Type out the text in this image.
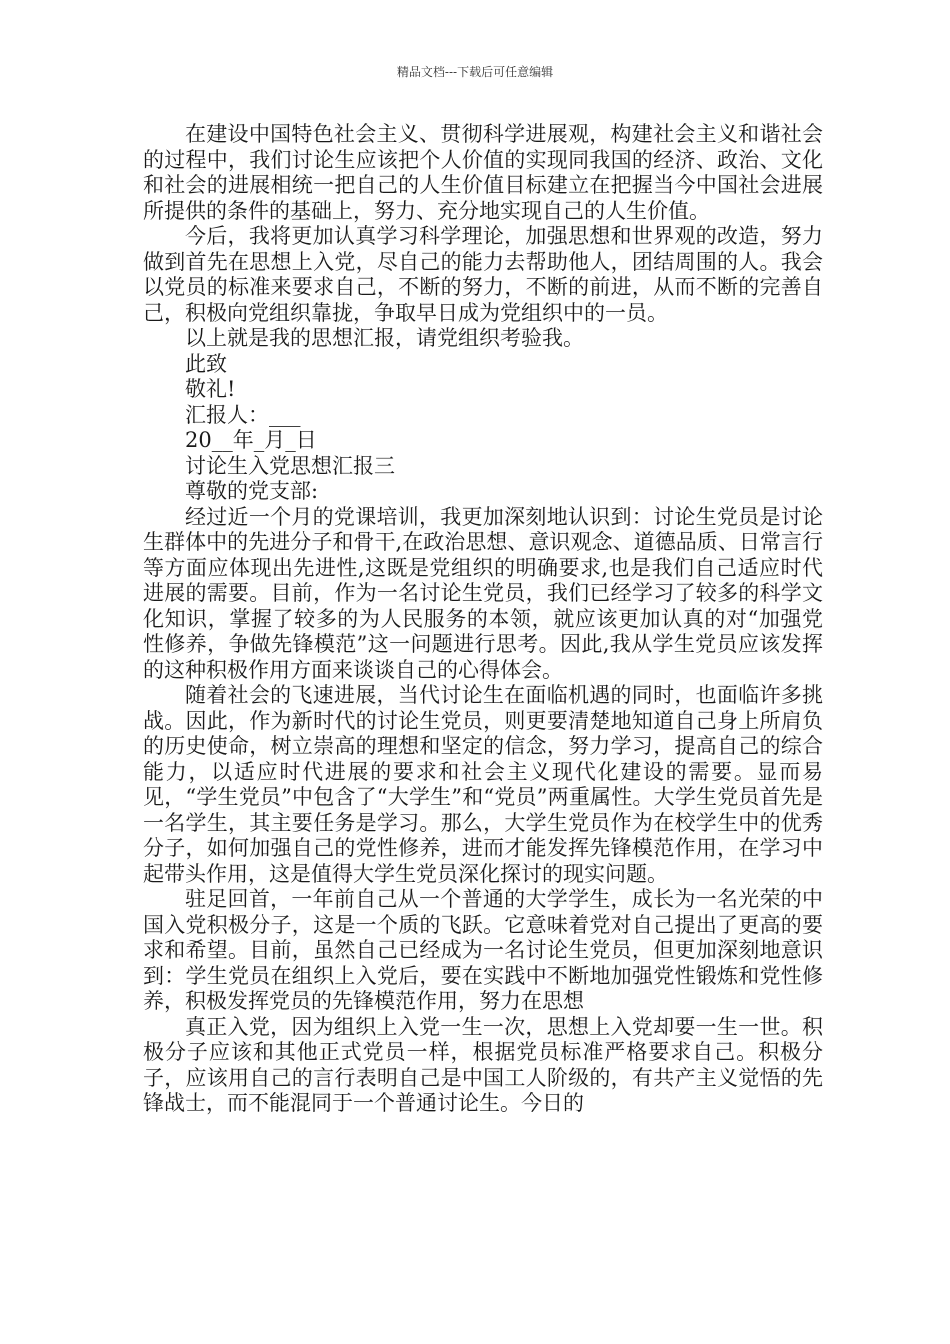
精品文档---下载后可任意编辑

在建设中国特色社会主义、贯彻科学进展观，构建社会主义和谐社会的过程中，我们讨论生应该把个人价值的实现同我国的经济、政治、文化和社会的进展相统一把自己的人生价值目标建立在把握当今中国社会进展所提供的条件的基础上，努力、充分地实现自己的人生价值。

今后，我将更加认真学习科学理论，加强思想和世界观的改造，努力做到首先在思想上入党，尽自己的能力去帮助他人，团结周围的人。我会以党员的标准来要求自己，不断的努力，不断的前进，从而不断的完善自己，积极向党组织靠拢，争取早日成为党组织中的一员。

以上就是我的思想汇报，请党组织考验我。

此致

敬礼!

汇报人：___

20__年_月_日

讨论生入党思想汇报三

尊敬的党支部:

经过近一个月的党课培训，我更加深刻地认识到：讨论生党员是讨论生群体中的先进分子和骨干,在政治思想、意识观念、道德品质、日常言行等方面应体现出先进性,这既是党组织的明确要求,也是我们自己适应时代进展的需要。目前，作为一名讨论生党员，我们已经学习了较多的科学文化知识，掌握了较多的为人民服务的本领，就应该更加认真的对“加强党性修养，争做先锋模范”这一问题进行思考。因此,我从学生党员应该发挥的这种积极作用方面来谈谈自己的心得体会。

随着社会的飞速进展，当代讨论生在面临机遇的同时，也面临许多挑战。因此，作为新时代的讨论生党员，则更要清楚地知道自己身上所肩负的历史使命，树立崇高的理想和坚定的信念，努力学习，提高自己的综合能力，以适应时代进展的要求和社会主义现代化建设的需要。显而易见，“学生党员”中包含了“大学生”和“党员”两重属性。大学生党员首先是一名学生，其主要任务是学习。那么，大学生党员作为在校学生中的优秀分子，如何加强自己的党性修养，进而才能发挥先锋模范作用，在学习中起带头作用，这是值得大学生党员深化探讨的现实问题。

驻足回首，一年前自己从一个普通的大学学生，成长为一名光荣的中国入党积极分子，这是一个质的飞跃。它意味着党对自己提出了更高的要求和希望。目前，虽然自己已经成为一名讨论生党员，但更加深刻地意识到：学生党员在组织上入党后，要在实践中不断地加强党性锻炼和党性修养，积极发挥党员的先锋模范作用，努力在思想

真正入党，因为组织上入党一生一次，思想上入党却要一生一世。积极分子应该和其他正式党员一样，根据党员标准严格要求自己。积极分子，应该用自己的言行表明自己是中国工人阶级的，有共产主义觉悟的先锋战士，而不能混同于一个普通讨论生。今日的
